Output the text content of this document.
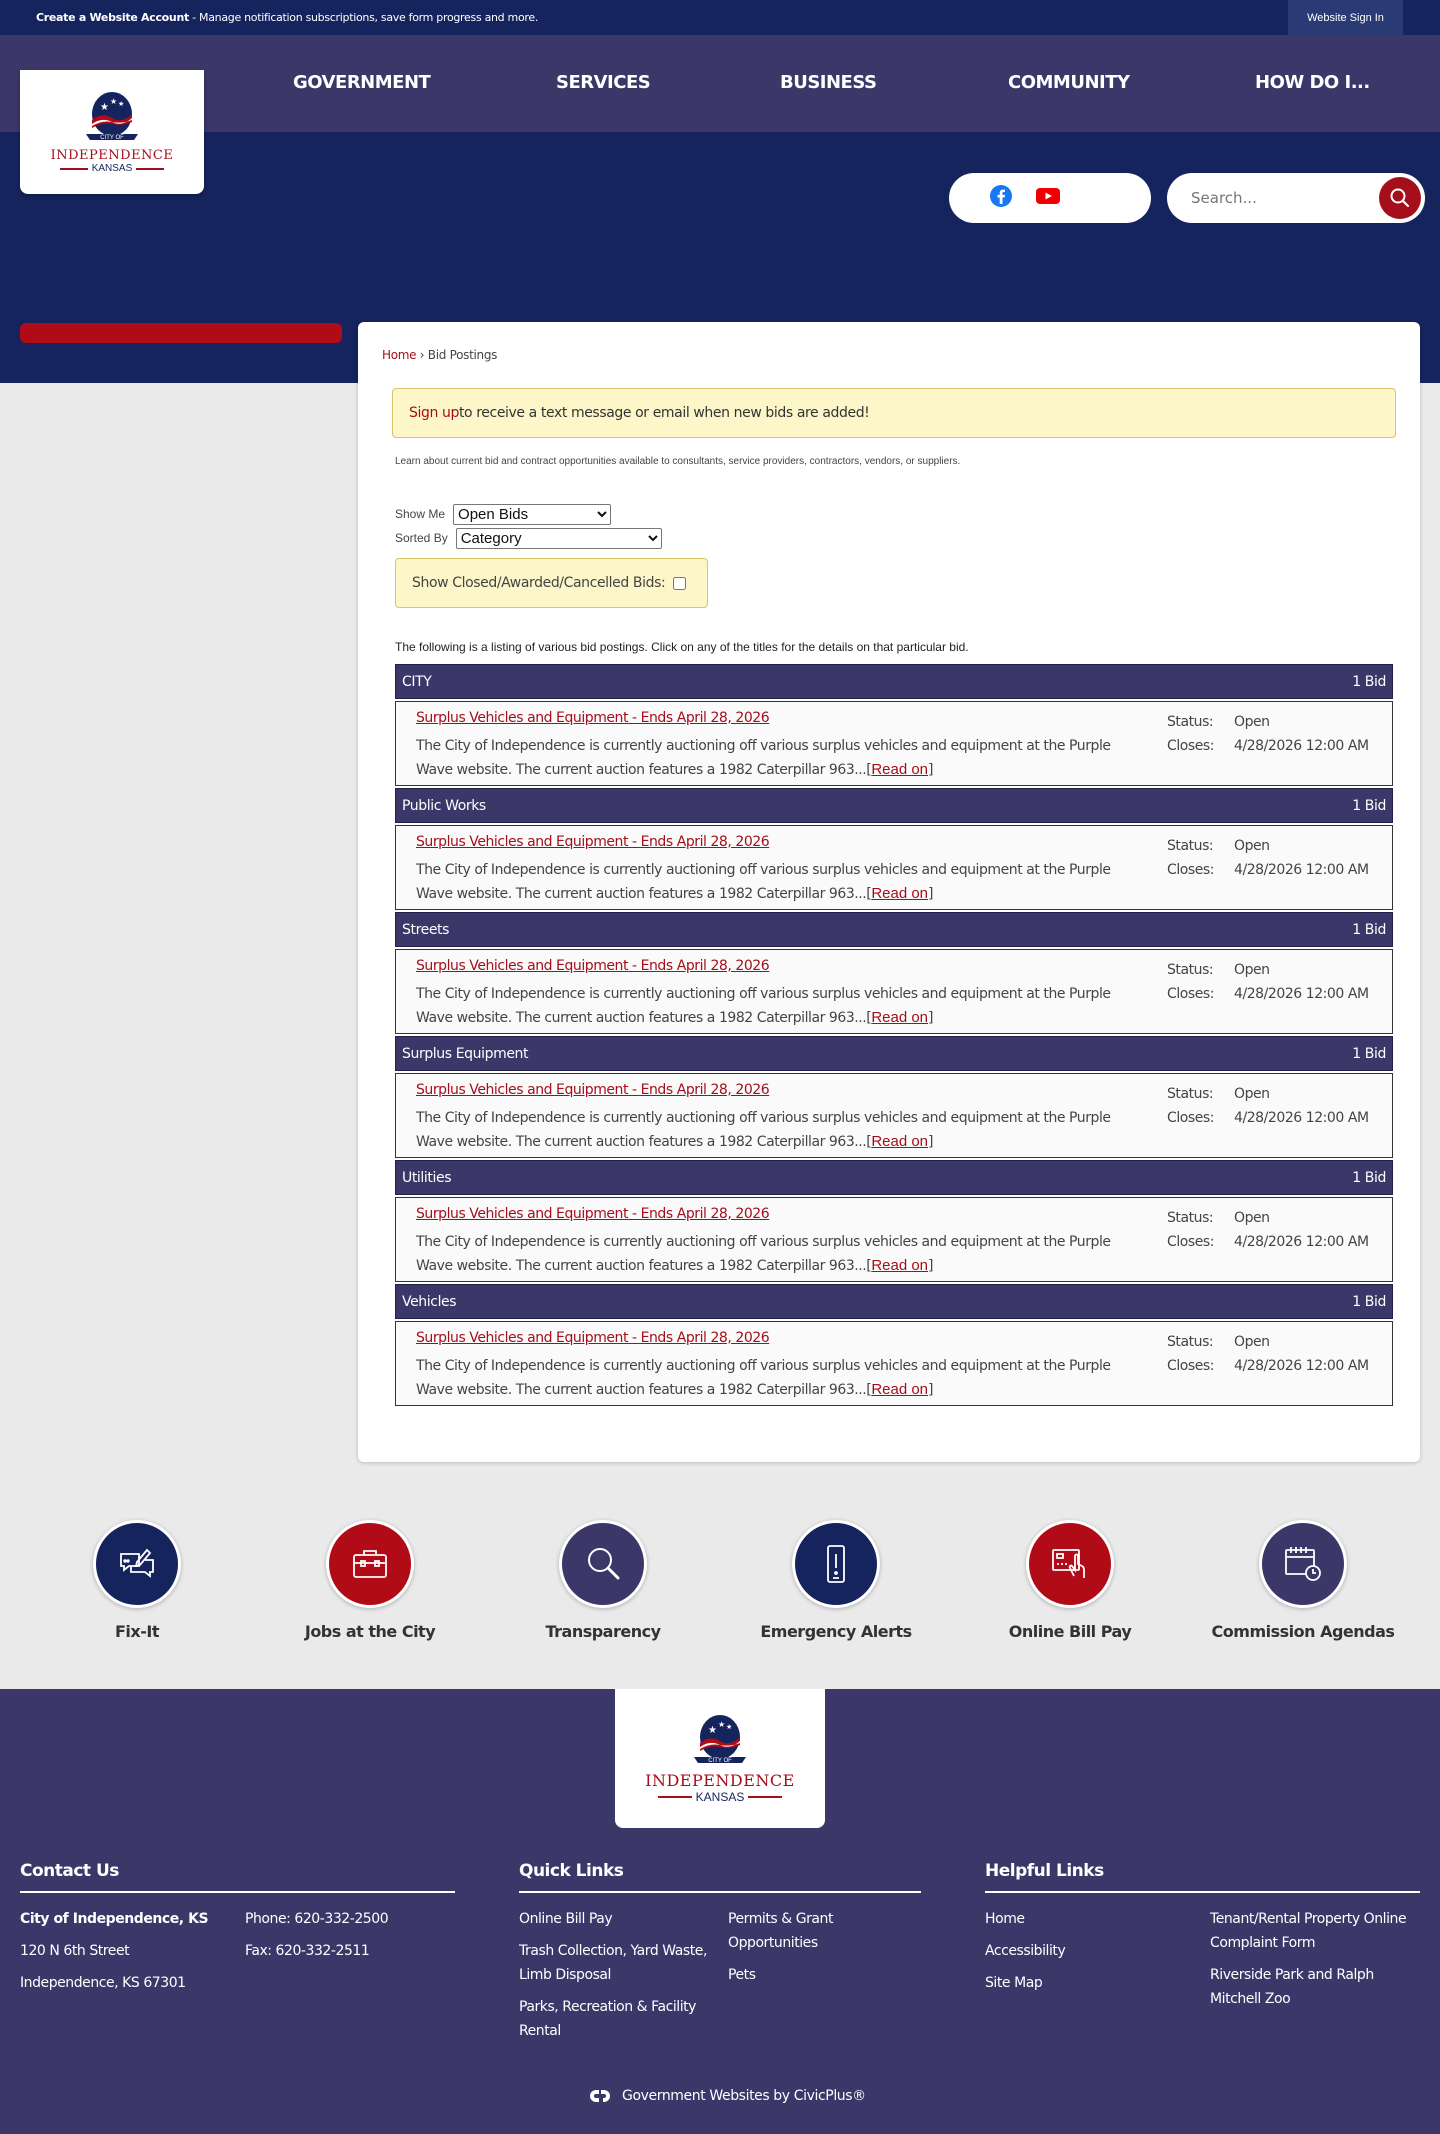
Create a Website Account - Manage notification subscriptions, save form progress and more.	Website Sign In
★
★ ★
CITY OF
INDEPENDENCE
KANSAS
GOVERNMENT	SERVICES	BUSINESS	COMMUNITY	HOW DO I...
Search...
Home › Bid Postings
Sign up to receive a text message or email when new bids are added!
Learn about current bid and contract opportunities available to consultants, service providers, contractors, vendors, or suppliers.
Show Me
Open Bids
Sorted By
Category
Show Closed/Awarded/Cancelled Bids:
The following is a listing of various bid postings. Click on any of the titles for the details on that particular bid.
CITY	1 Bid
Surplus Vehicles and Equipment - Ends April 28, 2026
The City of Independence is currently auctioning off various surplus vehicles and equipment at the Purple Wave website. The current auction features a 1982 Caterpillar 963...[Read on]
Status: Open
Closes: 4/28/2026 12:00 AM
Public Works	1 Bid
Surplus Vehicles and Equipment - Ends April 28, 2026
The City of Independence is currently auctioning off various surplus vehicles and equipment at the Purple Wave website. The current auction features a 1982 Caterpillar 963...[Read on]
Status: Open
Closes: 4/28/2026 12:00 AM
Streets	1 Bid
Surplus Vehicles and Equipment - Ends April 28, 2026
The City of Independence is currently auctioning off various surplus vehicles and equipment at the Purple Wave website. The current auction features a 1982 Caterpillar 963...[Read on]
Status: Open
Closes: 4/28/2026 12:00 AM
Surplus Equipment	1 Bid
Surplus Vehicles and Equipment - Ends April 28, 2026
The City of Independence is currently auctioning off various surplus vehicles and equipment at the Purple Wave website. The current auction features a 1982 Caterpillar 963...[Read on]
Status: Open
Closes: 4/28/2026 12:00 AM
Utilities	1 Bid
Surplus Vehicles and Equipment - Ends April 28, 2026
The City of Independence is currently auctioning off various surplus vehicles and equipment at the Purple Wave website. The current auction features a 1982 Caterpillar 963...[Read on]
Status: Open
Closes: 4/28/2026 12:00 AM
Vehicles	1 Bid
Surplus Vehicles and Equipment - Ends April 28, 2026
The City of Independence is currently auctioning off various surplus vehicles and equipment at the Purple Wave website. The current auction features a 1982 Caterpillar 963...[Read on]
Status: Open
Closes: 4/28/2026 12:00 AM
Fix-It	Jobs at the City	Transparency	Emergency Alerts	Online Bill Pay	Commission Agendas
★
★ ★
CITY OF
INDEPENDENCE
KANSAS
Contact Us
City of Independence, KS
120 N 6th Street
Independence, KS 67301
Phone: 620-332-2500
Fax: 620-332-2511
Quick Links
Online Bill Pay
Trash Collection, Yard Waste, Limb Disposal
Parks, Recreation & Facility Rental
Permits & Grant Opportunities
Pets
Helpful Links
Home
Accessibility
Site Map
Tenant/Rental Property Online Complaint Form
Riverside Park and Ralph Mitchell Zoo
Government Websites by CivicPlus®
